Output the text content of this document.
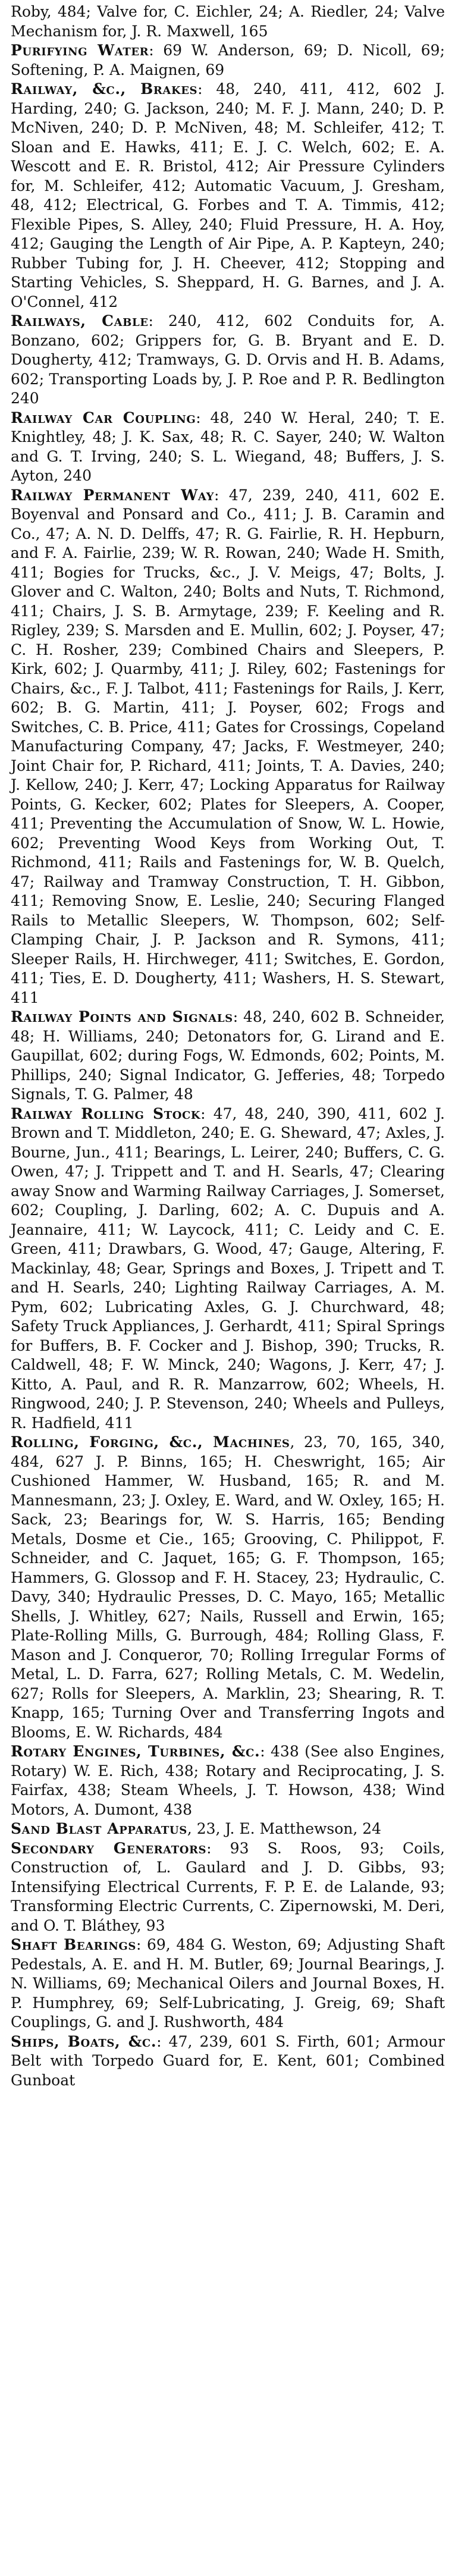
Roby, 484; Valve for, C. Eichler, 24; A. Riedler, 24; Valve Mechanism for, J. R. Maxwell, 165

Purifying Water: 69 W. Anderson, 69; D. Nicoll, 69; Softening, P. A. Maignen, 69

Railway, &c., Brakes: 48, 240, 411, 412, 602 J. Harding, 240; G. Jackson, 240; M. F. J. Mann, 240; D. P. McNiven, 240; D. P. McNiven, 48; M. Schleifer, 412; T. Sloan and E. Hawks, 411; E. J. C. Welch, 602; E. A. Wescott and E. R. Bristol, 412; Air Pressure Cylinders for, M. Schleifer, 412; Automatic Vacuum, J. Gresham, 48, 412; Electrical, G. Forbes and T. A. Timmis, 412; Flexible Pipes, S. Alley, 240; Fluid Pressure, H. A. Hoy, 412; Gauging the Length of Air Pipe, A. P. Kapteyn, 240; Rubber Tubing for, J. H. Cheever, 412; Stopping and Starting Vehicles, S. Sheppard, H. G. Barnes, and J. A. O'Connel, 412

Railways, Cable: 240, 412, 602 Conduits for, A. Bonzano, 602; Grippers for, G. B. Bryant and E. D. Dougherty, 412; Tramways, G. D. Orvis and H. B. Adams, 602; Transporting Loads by, J. P. Roe and P. R. Bedlington 240

Railway Car Coupling: 48, 240 W. Heral, 240; T. E. Knightley, 48; J. K. Sax, 48; R. C. Sayer, 240; W. Walton and G. T. Irving, 240; S. L. Wiegand, 48; Buffers, J. S. Ayton, 240

Railway Permanent Way: 47, 239, 240, 411, 602 E. Boyenval and Ponsard and Co., 411; J. B. Caramin and Co., 47; A. N. D. Delffs, 47; R. G. Fairlie, R. H. Hepburn, and F. A. Fairlie, 239; W. R. Rowan, 240; Wade H. Smith, 411; Bogies for Trucks, &c., J. V. Meigs, 47; Bolts, J. Glover and C. Walton, 240; Bolts and Nuts, T. Richmond, 411; Chairs, J. S. B. Armytage, 239; F. Keeling and R. Rigley, 239; S. Marsden and E. Mullin, 602; J. Poyser, 47; C. H. Rosher, 239; Combined Chairs and Sleepers, P. Kirk, 602; J. Quarmby, 411; J. Riley, 602; Fastenings for Chairs, &c., F. J. Talbot, 411; Fastenings for Rails, J. Kerr, 602; B. G. Martin, 411; J. Poyser, 602; Frogs and Switches, C. B. Price, 411; Gates for Crossings, Copeland Manufacturing Company, 47; Jacks, F. Westmeyer, 240; Joint Chair for, P. Richard, 411; Joints, T. A. Davies, 240; J. Kellow, 240; J. Kerr, 47; Locking Apparatus for Railway Points, G. Kecker, 602; Plates for Sleepers, A. Cooper, 411; Preventing the Accumulation of Snow, W. L. Howie, 602; Preventing Wood Keys from Working Out, T. Richmond, 411; Rails and Fastenings for, W. B. Quelch, 47; Railway and Tramway Construction, T. H. Gibbon, 411; Removing Snow, E. Leslie, 240; Securing Flanged Rails to Metallic Sleepers, W. Thompson, 602; Self-Clamping Chair, J. P. Jackson and R. Symons, 411; Sleeper Rails, H. Hirchweger, 411; Switches, E. Gordon, 411; Ties, E. D. Dougherty, 411; Washers, H. S. Stewart, 411

Railway Points and Signals: 48, 240, 602 B. Schneider, 48; H. Williams, 240; Detonators for, G. Lirand and E. Gaupillat, 602; during Fogs, W. Edmonds, 602; Points, M. Phillips, 240; Signal Indicator, G. Jefferies, 48; Torpedo Signals, T. G. Palmer, 48

Railway Rolling Stock: 47, 48, 240, 390, 411, 602 J. Brown and T. Middleton, 240; E. G. Sheward, 47; Axles, J. Bourne, Jun., 411; Bearings, L. Leirer, 240; Buffers, C. G. Owen, 47; J. Trippett and T. and H. Searls, 47; Clearing away Snow and Warming Railway Carriages, J. Somerset, 602; Coupling, J. Darling, 602; A. C. Dupuis and A. Jeannaire, 411; W. Laycock, 411; C. Leidy and C. E. Green, 411; Drawbars, G. Wood, 47; Gauge, Altering, F. Mackinlay, 48; Gear, Springs and Boxes, J. Tripett and T. and H. Searls, 240; Lighting Railway Carriages, A. M. Pym, 602; Lubricating Axles, G. J. Churchward, 48; Safety Truck Appliances, J. Gerhardt, 411; Spiral Springs for Buffers, B. F. Cocker and J. Bishop, 390; Trucks, R. Caldwell, 48; F. W. Minck, 240; Wagons, J. Kerr, 47; J. Kitto, A. Paul, and R. R. Manzarrow, 602; Wheels, H. Ringwood, 240; J. P. Stevenson, 240; Wheels and Pulleys, R. Hadfield, 411

Rolling, Forging, &c., Machines, 23, 70, 165, 340, 484, 627 J. P. Binns, 165; H. Cheswright, 165; Air Cushioned Hammer, W. Husband, 165; R. and M. Mannesmann, 23; J. Oxley, E. Ward, and W. Oxley, 165; H. Sack, 23; Bearings for, W. S. Harris, 165; Bending Metals, Dosme et Cie., 165; Grooving, C. Philippot, F. Schneider, and C. Jaquet, 165; G. F. Thompson, 165; Hammers, G. Glossop and F. H. Stacey, 23; Hydraulic, C. Davy, 340; Hydraulic Presses, D. C. Mayo, 165; Metallic Shells, J. Whitley, 627; Nails, Russell and Erwin, 165; Plate-Rolling Mills, G. Burrough, 484; Rolling Glass, F. Mason and J. Conqueror, 70; Rolling Irregular Forms of Metal, L. D. Farra, 627; Rolling Metals, C. M. Wedelin, 627; Rolls for Sleepers, A. Marklin, 23; Shearing, R. T. Knapp, 165; Turning Over and Transferring Ingots and Blooms, E. W. Richards, 484

Rotary Engines, Turbines, &c.: 438 (See also Engines, Rotary) W. E. Rich, 438; Rotary and Reciprocating, J. S. Fairfax, 438; Steam Wheels, J. T. Howson, 438; Wind Motors, A. Dumont, 438

Sand Blast Apparatus, 23, J. E. Matthewson, 24

Secondary Generators: 93 S. Roos, 93; Coils, Construction of, L. Gaulard and J. D. Gibbs, 93; Intensifying Electrical Currents, F. P. E. de Lalande, 93; Transforming Electric Currents, C. Zipernowski, M. Deri, and O. T. Bláthey, 93

Shaft Bearings: 69, 484 G. Weston, 69; Adjusting Shaft Pedestals, A. E. and H. M. Butler, 69; Journal Bearings, J. N. Williams, 69; Mechanical Oilers and Journal Boxes, H. P. Humphrey, 69; Self-Lubricating, J. Greig, 69; Shaft Couplings, G. and J. Rushworth, 484

Ships, Boats, &c.: 47, 239, 601 S. Firth, 601; Armour Belt with Torpedo Guard for, E. Kent, 601; Combined Gunboat
